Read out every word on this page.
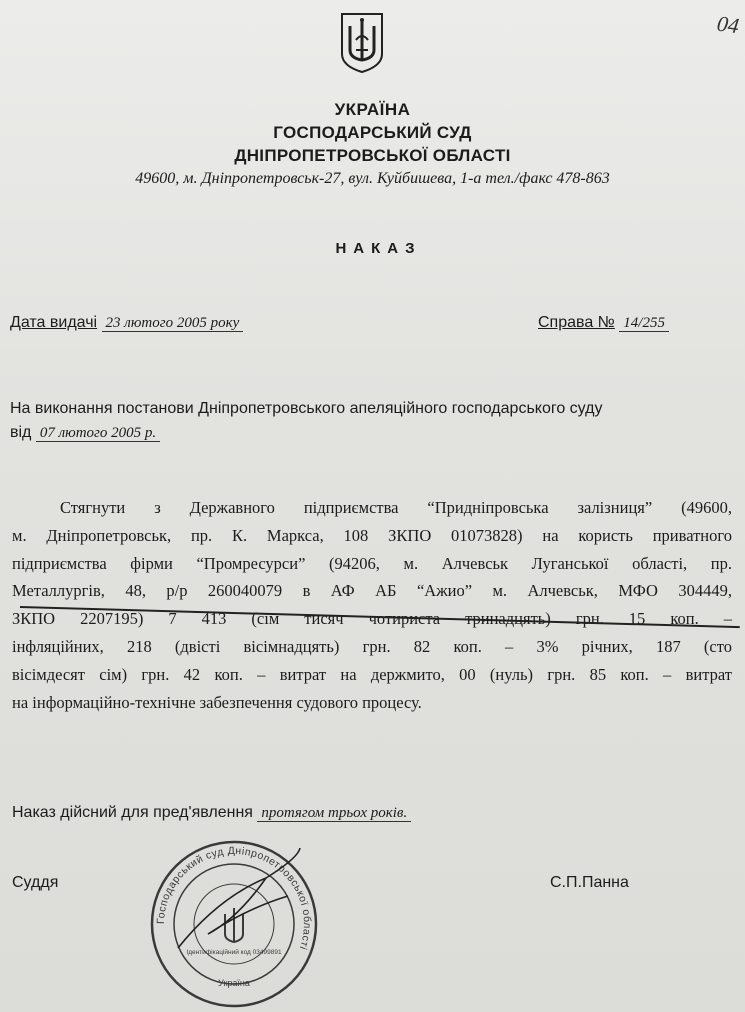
04
УКРАЇНА
ГОСПОДАРСЬКИЙ СУД
ДНІПРОПЕТРОВСЬКОЇ ОБЛАСТІ
49600, м. Дніпропетровськ-27, вул. Куйбишева, 1-а тел./факс 478-863
НАКАЗ
Дата видачі 23 лютого 2005 року	Справа № 14/255
На виконання постанови Дніпропетровського апеляційного господарського суду
від 07 лютого 2005 р.
Стягнути з Державного підприємства “Придніпровська залізниця” (49600,
м. Дніпропетровськ, пр. К. Маркса, 108 ЗКПО 01073828) на користь приватного
підприємства фірми “Промресурси” (94206, м. Алчевськ Луганської області, пр.
Металлургів, 48, р/р 260040079 в АФ АБ “Ажио” м. Алчевськ, МФО 304449,
ЗКПО 2207195) 7 413 (сім тисяч чотириста тринадцять) грн. 15 коп. –
інфляційних, 218 (двісті вісімнадцять) грн. 82 коп. – 3% річних, 187 (сто
вісімдесят сім) грн. 42 коп. – витрат на держмито, 00 (нуль) грн. 85 коп. – витрат
на інформаційно-технічне забезпечення судового процесу.
Наказ дійсний для пред'явлення протягом трьох років.
Суддя	С.П.Панна
Господарський суд Дніпропетровської області
Ідентифікаційний код 03499891
Україна
